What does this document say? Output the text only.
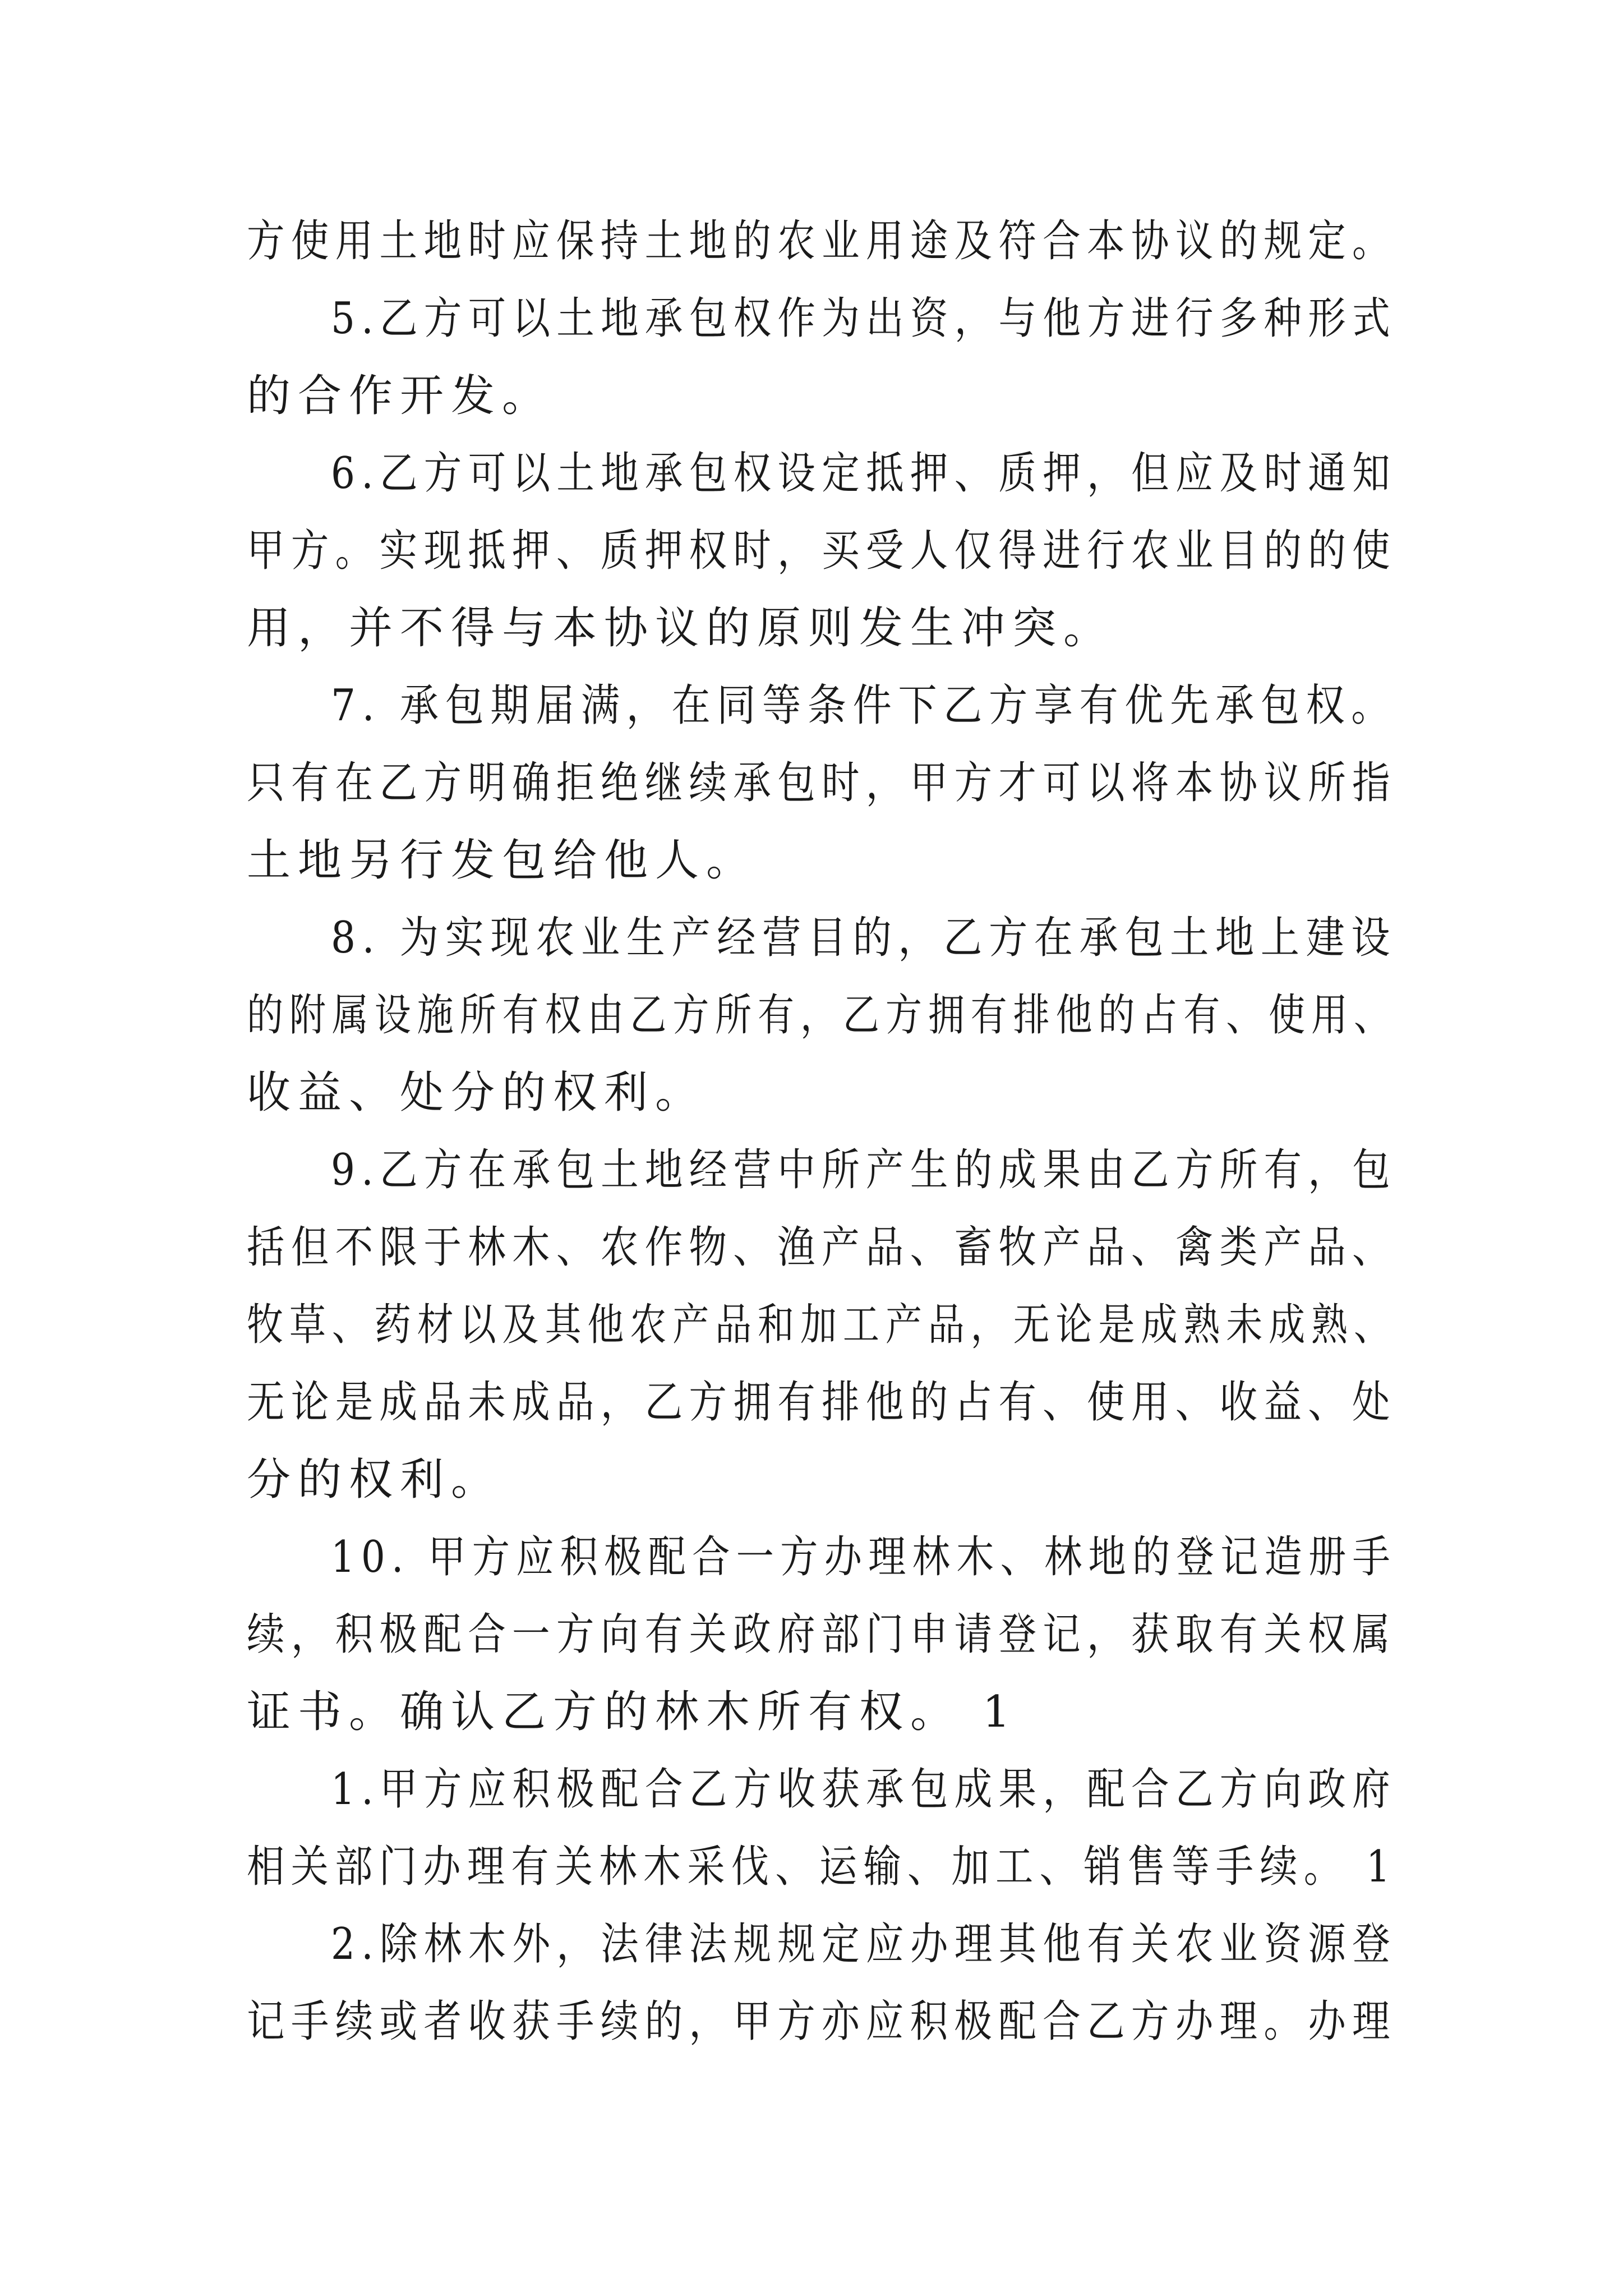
方使用土地时应保持土地的农业用途及符合本协议的规定。
5.乙方可以土地承包权作为出资，与他方进行多种形式
的合作开发。
6.乙方可以土地承包权设定抵押、质押，但应及时通知
甲方。实现抵押、质押权时，买受人仅得进行农业目的的使
用，并不得与本协议的原则发生冲突。
7. 承包期届满，在同等条件下乙方享有优先承包权。
只有在乙方明确拒绝继续承包时，甲方才可以将本协议所指
土地另行发包给他人。
8. 为实现农业生产经营目的，乙方在承包土地上建设
的附属设施所有权由乙方所有，乙方拥有排他的占有、使用、
收益、处分的权利。
9.乙方在承包土地经营中所产生的成果由乙方所有，包
括但不限于林木、农作物、渔产品、畜牧产品、禽类产品、
牧草、药材以及其他农产品和加工产品，无论是成熟未成熟、
无论是成品未成品，乙方拥有排他的占有、使用、收益、处
分的权利。
10. 甲方应积极配合一方办理林木、林地的登记造册手
续，积极配合一方向有关政府部门申请登记，获取有关权属
证书。确认乙方的林木所有权。 1
1.甲方应积极配合乙方收获承包成果，配合乙方向政府
相关部门办理有关林木采伐、运输、加工、销售等手续。 1
2.除林木外，法律法规规定应办理其他有关农业资源登
记手续或者收获手续的，甲方亦应积极配合乙方办理。办理
